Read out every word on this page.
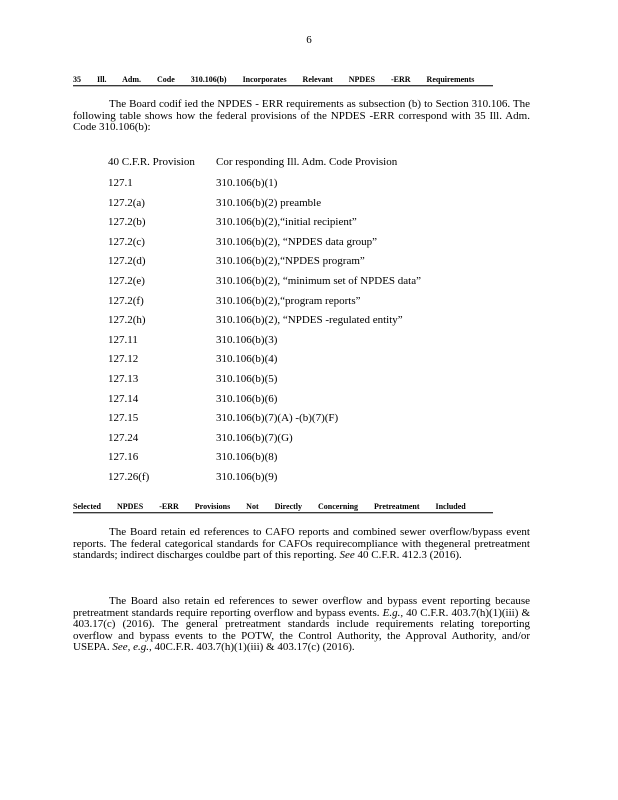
6
35 Ill. Adm. Code 310.106(b) Incorporates Relevant NPDES -ERR Requirements

The Board codif ied the NPDES - ERR requirements as subsection (b) to Section 310.106. The following table shows how the federal provisions of the NPDES -ERR correspond with 35 Ill. Adm. Code 310.106(b):

40 C.F.R. Provision Cor responding Ill. Adm. Code Provision
127.1	310.106(b)(1)
127.2(a)	310.106(b)(2) preamble
127.2(b)	310.106(b)(2),“initial recipient”
127.2(c)	310.106(b)(2), “NPDES data group”
127.2(d)	310.106(b)(2),“NPDES program”
127.2(e)	310.106(b)(2), “minimum set of NPDES data”
127.2(f)	310.106(b)(2),“program reports”
127.2(h)	310.106(b)(2), “NPDES -regulated entity”
127.11	310.106(b)(3)
127.12	310.106(b)(4)
127.13	310.106(b)(5)
127.14	310.106(b)(6)
127.15	310.106(b)(7)(A) -(b)(7)(F)
127.24	310.106(b)(7)(G)
127.16	310.106(b)(8)
127.26(f)	310.106(b)(9)
Selected NPDES -ERR Provisions Not Directly Concerning Pretreatment Included

The Board retain ed references to CAFO reports and combined sewer overflow/bypass event reports. The federal categorical standards for CAFOs requirecompliance with thegeneral pretreatment standards; indirect discharges couldbe part of this reporting. See 40 C.F.R. 412.3 (2016).

The Board also retain ed references to sewer overflow and bypass event reporting because pretreatment standards require reporting overflow and bypass events. E.g., 40 C.F.R. 403.7(h)(1)(iii) & 403.17(c) (2016). The general pretreatment standards include requirements relating toreporting overflow and bypass events to the POTW, the Control Authority, the Approval Authority, and/or USEPA. See, e.g., 40C.F.R. 403.7(h)(1)(iii) & 403.17(c) (2016).
